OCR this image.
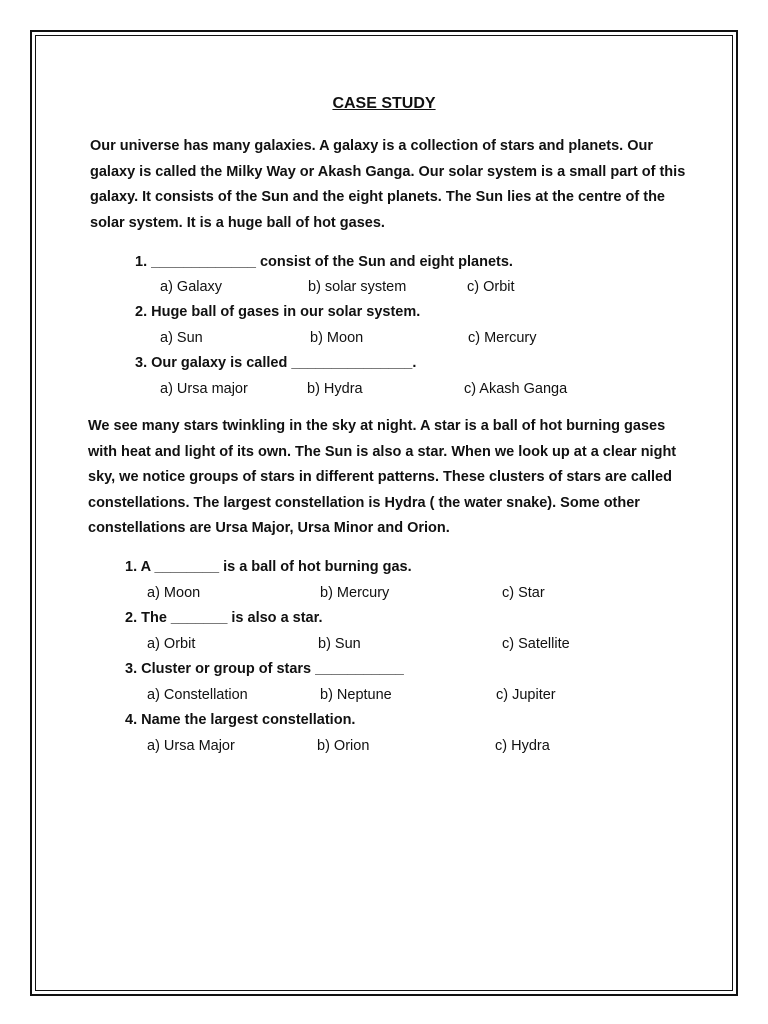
CASE STUDY
Our universe has many galaxies. A galaxy is a collection of stars and planets. Our galaxy is called the Milky Way or Akash Ganga. Our solar system is a small part of this galaxy. It consists of the Sun and the eight planets. The Sun lies at the centre of the solar system. It is a huge ball of hot gases.
1. _____________ consist of the Sun and eight planets.
a) Galaxy	b) solar system	c) Orbit
2. Huge ball of gases in our solar system.
a) Sun	b) Moon	c) Mercury
3. Our galaxy is called _______________.
a) Ursa major	b) Hydra	c) Akash Ganga
We see many stars twinkling in the sky at night. A star is a ball of hot burning gases with heat and light of its own. The Sun is also a star. When we look up at a clear night sky, we notice groups of stars in different patterns. These clusters of stars are called constellations. The largest constellation is Hydra ( the water snake). Some other constellations are Ursa Major, Ursa Minor and Orion.
1. A ________ is a ball of hot burning gas.
a) Moon	b) Mercury	c) Star
2. The _______ is also a star.
a) Orbit	b) Sun	c) Satellite
3. Cluster or group of stars ___________
a) Constellation	b) Neptune	c) Jupiter
4. Name the largest constellation.
a) Ursa Major	b) Orion	c) Hydra
